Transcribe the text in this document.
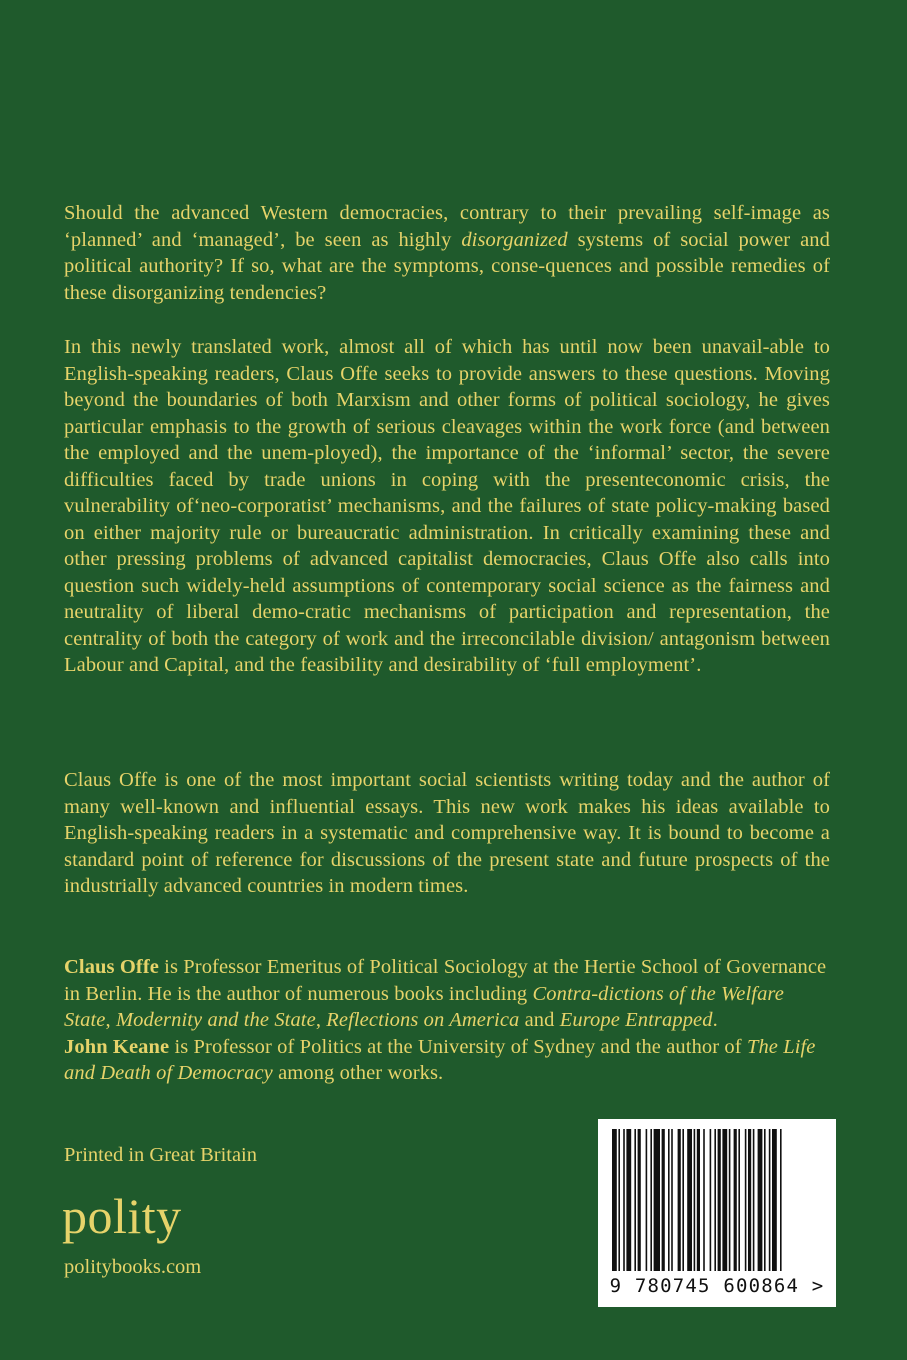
Should the advanced Western democracies, contrary to their prevailing self-image as ‘planned’ and ‘managed’, be seen as highly disorganized systems of social power and political authority? If so, what are the symptoms, conse-quences and possible remedies of these disorganizing tendencies?
In this newly translated work, almost all of which has until now been unavail-able to English-speaking readers, Claus Offe seeks to provide answers to these questions. Moving beyond the boundaries of both Marxism and other forms of political sociology, he gives particular emphasis to the growth of serious cleavages within the work force (and between the employed and the unem-ployed), the importance of the ‘informal’ sector, the severe difficulties faced by trade unions in coping with the presenteconomic crisis, the vulnerability of‘neo-corporatist’ mechanisms, and the failures of state policy-making based on either majority rule or bureaucratic administration. In critically examining these and other pressing problems of advanced capitalist democracies, Claus Offe also calls into question such widely-held assumptions of contemporary social science as the fairness and neutrality of liberal demo-cratic mechanisms of participation and representation, the centrality of both the category of work and the irreconcilable division/ antagonism between Labour and Capital, and the feasibility and desirability of ‘full employment’.
Claus Offe is one of the most important social scientists writing today and the author of many well-known and influential essays. This new work makes his ideas available to English-speaking readers in a systematic and comprehensive way. It is bound to become a standard point of reference for discussions of the present state and future prospects of the industrially advanced countries in modern times.

Claus Offe is Professor Emeritus of Political Sociology at the Hertie School of Governance in Berlin. He is the author of numerous books including Contra-dictions of the Welfare State, Modernity and the State, Reflections on America and Europe Entrapped.

John Keane is Professor of Politics at the University of Sydney and the author of The Life and Death of Democracy among other works.

Printed in Great Britain
polity
politybooks.com
9 780745 600864 >
